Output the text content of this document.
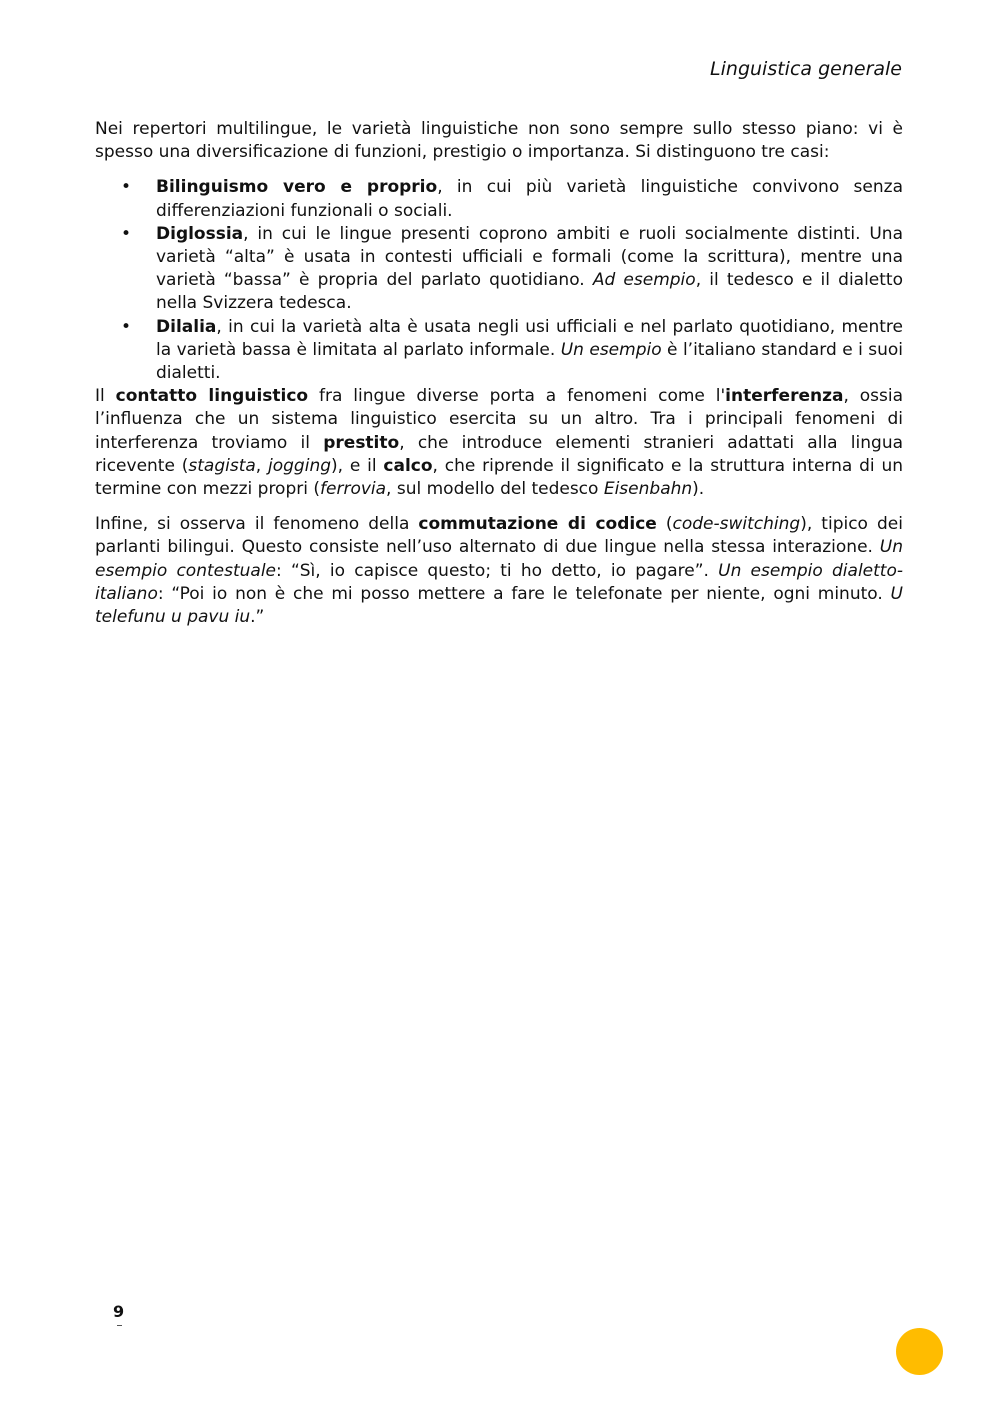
Linguistica generale

Nei repertori multilingue, le varietà linguistiche non sono sempre sullo stesso piano: vi è spesso una diversificazione di funzioni, prestigio o importanza. Si distinguono tre casi:

• Bilinguismo vero e proprio, in cui più varietà linguistiche convivono senza differenziazioni funzionali o sociali.
• Diglossia, in cui le lingue presenti coprono ambiti e ruoli socialmente distinti. Una varietà “alta” è usata in contesti ufficiali e formali (come la scrittura), mentre una varietà “bassa” è propria del parlato quotidiano. Ad esempio, il tedesco e il dialetto nella Svizzera tedesca.
• Dilalia, in cui la varietà alta è usata negli usi ufficiali e nel parlato quotidiano, mentre la varietà bassa è limitata al parlato informale. Un esempio è l’italiano standard e i suoi dialetti.

Il contatto linguistico fra lingue diverse porta a fenomeni come l'interferenza, ossia l’influenza che un sistema linguistico esercita su un altro. Tra i principali fenomeni di interferenza troviamo il prestito, che introduce elementi stranieri adattati alla lingua ricevente (stagista, jogging), e il calco, che riprende il significato e la struttura interna di un termine con mezzi propri (ferrovia, sul modello del tedesco Eisenbahn).

Infine, si osserva il fenomeno della commutazione di codice (code-switching), tipico dei parlanti bilingui. Questo consiste nell’uso alternato di due lingue nella stessa interazione. Un esempio contestuale: “Sì, io capisce questo; ti ho detto, io pagare”. Un esempio dialetto-italiano: “Poi io non è che mi posso mettere a fare le telefonate per niente, ogni minuto. U telefunu u pavu iu.”

9
